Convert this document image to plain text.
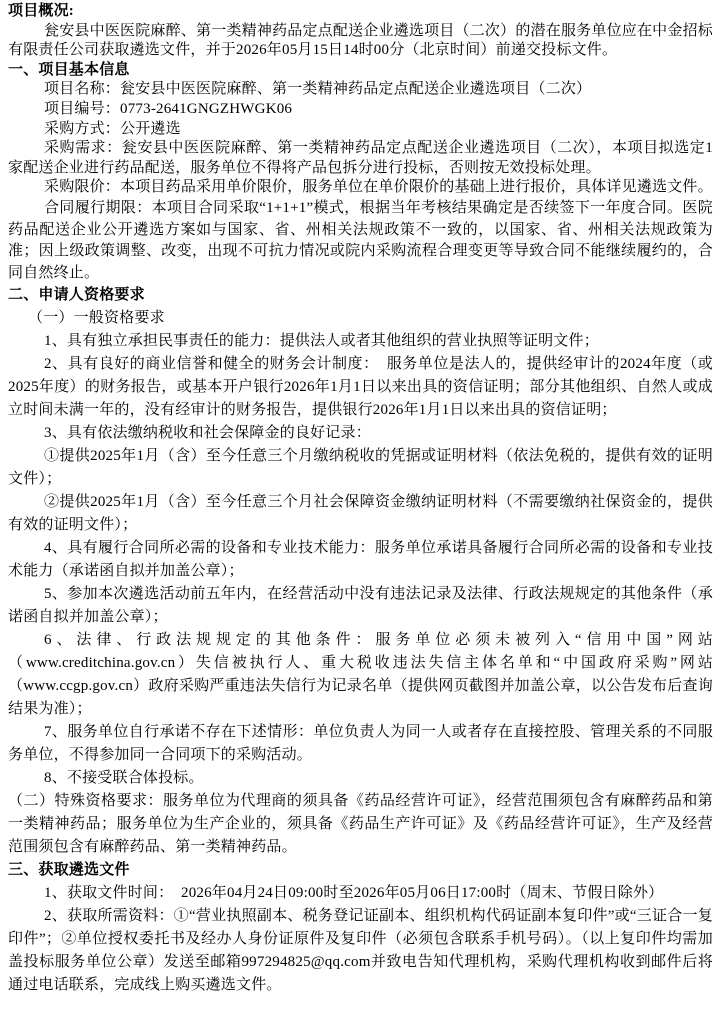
项目概况:

瓮安县中医医院麻醉、第一类精神药品定点配送企业遴选项目（二次）的潜在服务单位应在中金招标有限责任公司获取遴选文件，并于2026年05月15日14时00分（北京时间）前递交投标文件。

一、项目基本信息

项目名称：瓮安县中医医院麻醉、第一类精神药品定点配送企业遴选项目（二次）

项目编号：0773-2641GNGZHWGK06

采购方式：公开遴选

采购需求：瓮安县中医医院麻醉、第一类精神药品定点配送企业遴选项目（二次），本项目拟选定1家配送企业进行药品配送，服务单位不得将产品包拆分进行投标，否则按无效投标处理。

采购限价：本项目药品采用单价限价，服务单位在单价限价的基础上进行报价，具体详见遴选文件。

合同履行期限：本项目合同采取“1+1+1”模式，根据当年考核结果确定是否续签下一年度合同。医院药品配送企业公开遴选方案如与国家、省、州相关法规政策不一致的，以国家、省、州相关法规政策为准；因上级政策调整、改变，出现不可抗力情况或院内采购流程合理变更等导致合同不能继续履约的，合同自然终止。

二、申请人资格要求

（一）一般资格要求

1、具有独立承担民事责任的能力：提供法人或者其他组织的营业执照等证明文件；

2、具有良好的商业信誉和健全的财务会计制度：　服务单位是法人的，提供经审计的2024年度（或2025年度）的财务报告，或基本开户银行2026年1月1日以来出具的资信证明；部分其他组织、自然人或成立时间未满一年的，没有经审计的财务报告，提供银行2026年1月1日以来出具的资信证明；

3、具有依法缴纳税收和社会保障金的良好记录：

①提供2025年1月（含）至今任意三个月缴纳税收的凭据或证明材料（依法免税的，提供有效的证明文件）；

②提供2025年1月（含）至今任意三个月社会保障资金缴纳证明材料（不需要缴纳社保资金的，提供有效的证明文件）；

4、具有履行合同所必需的设备和专业技术能力：服务单位承诺具备履行合同所必需的设备和专业技术能力（承诺函自拟并加盖公章）；

5、参加本次遴选活动前五年内，在经营活动中没有违法记录及法律、行政法规规定的其他条件（承诺函自拟并加盖公章）；

6、法律、行政法规规定的其他条件：服务单位必须未被列入“信用中国”网站（www.creditchina.gov.cn）失信被执行人、重大税收违法失信主体名单和“中国政府采购”网站（www.ccgp.gov.cn）政府采购严重违法失信行为记录名单（提供网页截图并加盖公章，以公告发布后查询结果为准）；

7、服务单位自行承诺不存在下述情形：单位负责人为同一人或者存在直接控股、管理关系的不同服务单位，不得参加同一合同项下的采购活动。

8、不接受联合体投标。

（二）特殊资格要求：服务单位为代理商的须具备《药品经营许可证》，经营范围须包含有麻醉药品和第一类精神药品；服务单位为生产企业的，须具备《药品生产许可证》及《药品经营许可证》，生产及经营范围须包含有麻醉药品、第一类精神药品。

三、获取遴选文件

1、获取文件时间：　2026年04月24日09:00时至2026年05月06日17:00时（周末、节假日除外）

2、获取所需资料：①“营业执照副本、税务登记证副本、组织机构代码证副本复印件”或“三证合一复印件”；②单位授权委托书及经办人身份证原件及复印件（必须包含联系手机号码）。（以上复印件均需加盖投标服务单位公章）发送至邮箱997294825@qq.com并致电告知代理机构，采购代理机构收到邮件后将通过电话联系，完成线上购买遴选文件。
